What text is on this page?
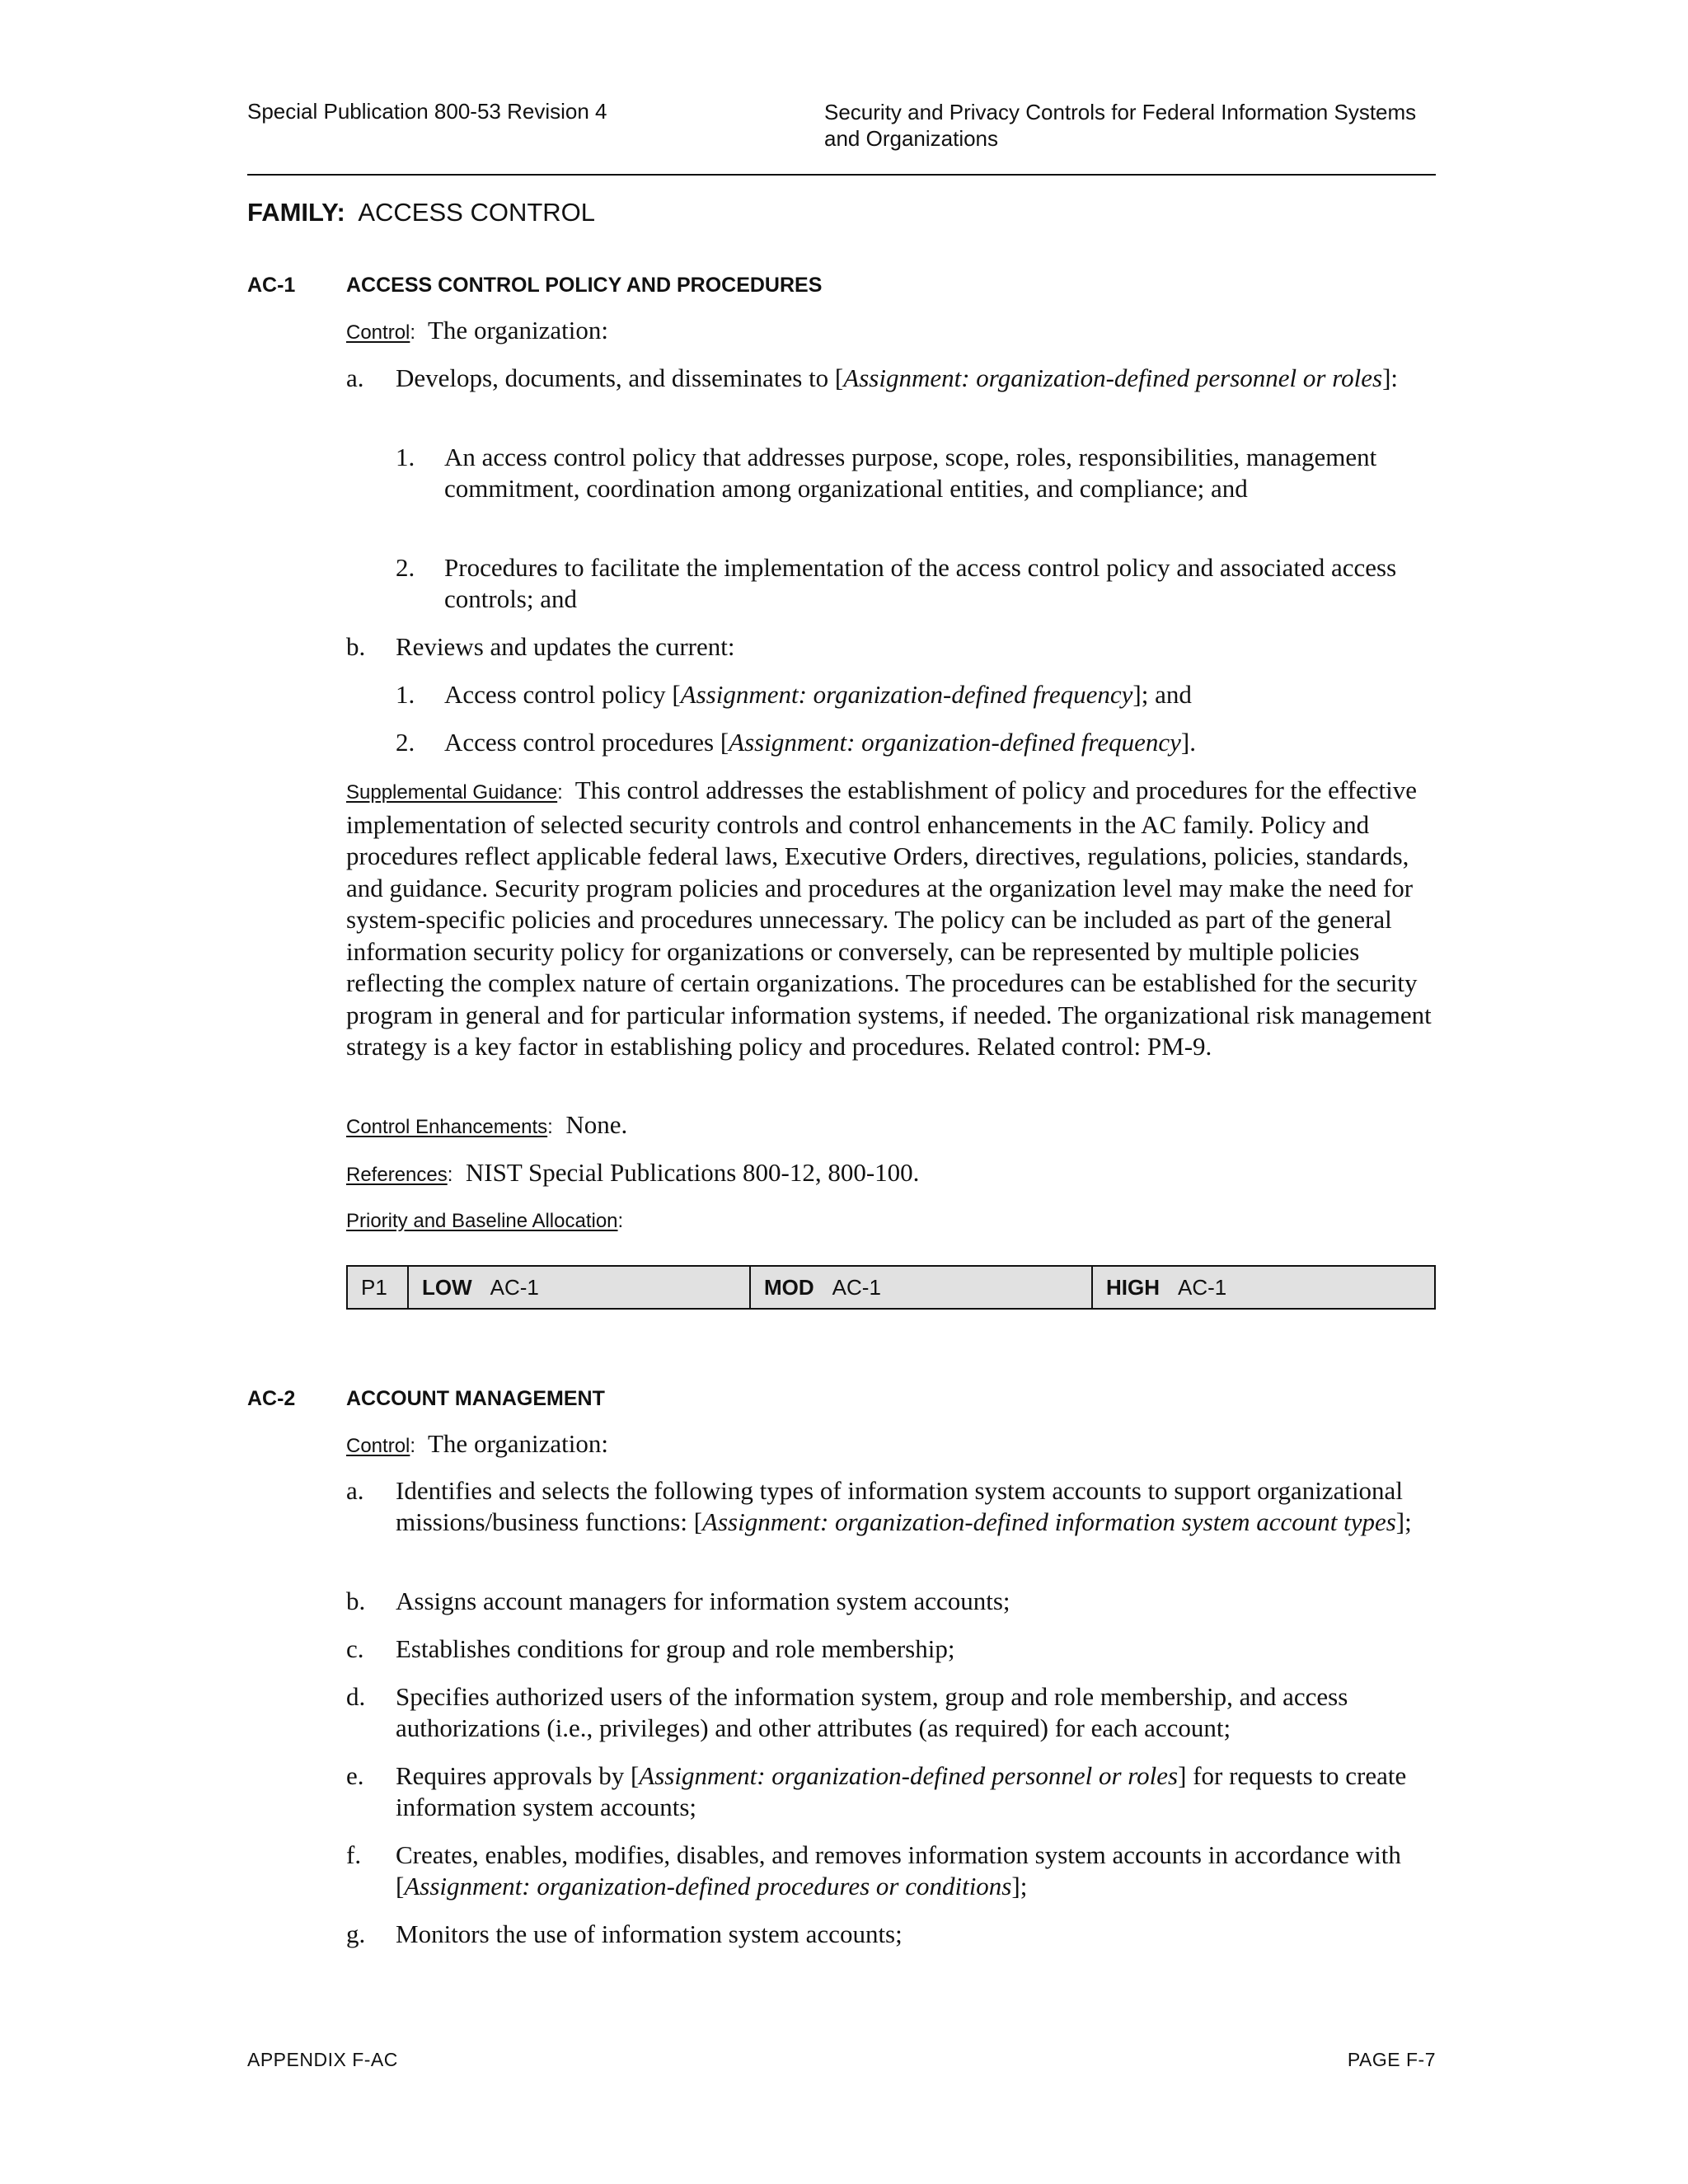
Special Publication 800-53 Revision 4	Security and Privacy Controls for Federal Information Systems
and Organizations
FAMILY: ACCESS CONTROL
AC-1 ACCESS CONTROL POLICY AND PROCEDURES
Control: The organization:
a. Develops, documents, and disseminates to [Assignment: organization-defined personnel or roles]:
1. An access control policy that addresses purpose, scope, roles, responsibilities, management commitment, coordination among organizational entities, and compliance; and
2. Procedures to facilitate the implementation of the access control policy and associated access controls; and
b. Reviews and updates the current:
1. Access control policy [Assignment: organization-defined frequency]; and
2. Access control procedures [Assignment: organization-defined frequency].
Supplemental Guidance: This control addresses the establishment of policy and procedures for the effective implementation of selected security controls and control enhancements in the AC family. Policy and procedures reflect applicable federal laws, Executive Orders, directives, regulations, policies, standards, and guidance. Security program policies and procedures at the organization level may make the need for system-specific policies and procedures unnecessary. The policy can be included as part of the general information security policy for organizations or conversely, can be represented by multiple policies reflecting the complex nature of certain organizations. The procedures can be established for the security program in general and for particular information systems, if needed. The organizational risk management strategy is a key factor in establishing policy and procedures. Related control: PM-9.
Control Enhancements: None.
References: NIST Special Publications 800-12, 800-100.
Priority and Baseline Allocation:
P1 LOW AC-1	MOD AC-1	HIGH AC-1
AC-2 ACCOUNT MANAGEMENT
Control: The organization:
a. Identifies and selects the following types of information system accounts to support organizational missions/business functions: [Assignment: organization-defined information system account types];
b. Assigns account managers for information system accounts;
c. Establishes conditions for group and role membership;
d. Specifies authorized users of the information system, group and role membership, and access authorizations (i.e., privileges) and other attributes (as required) for each account;
e. Requires approvals by [Assignment: organization-defined personnel or roles] for requests to create information system accounts;
f. Creates, enables, modifies, disables, and removes information system accounts in accordance with [Assignment: organization-defined procedures or conditions];
g. Monitors the use of information system accounts;
APPENDIX F-AC	PAGE F-7
